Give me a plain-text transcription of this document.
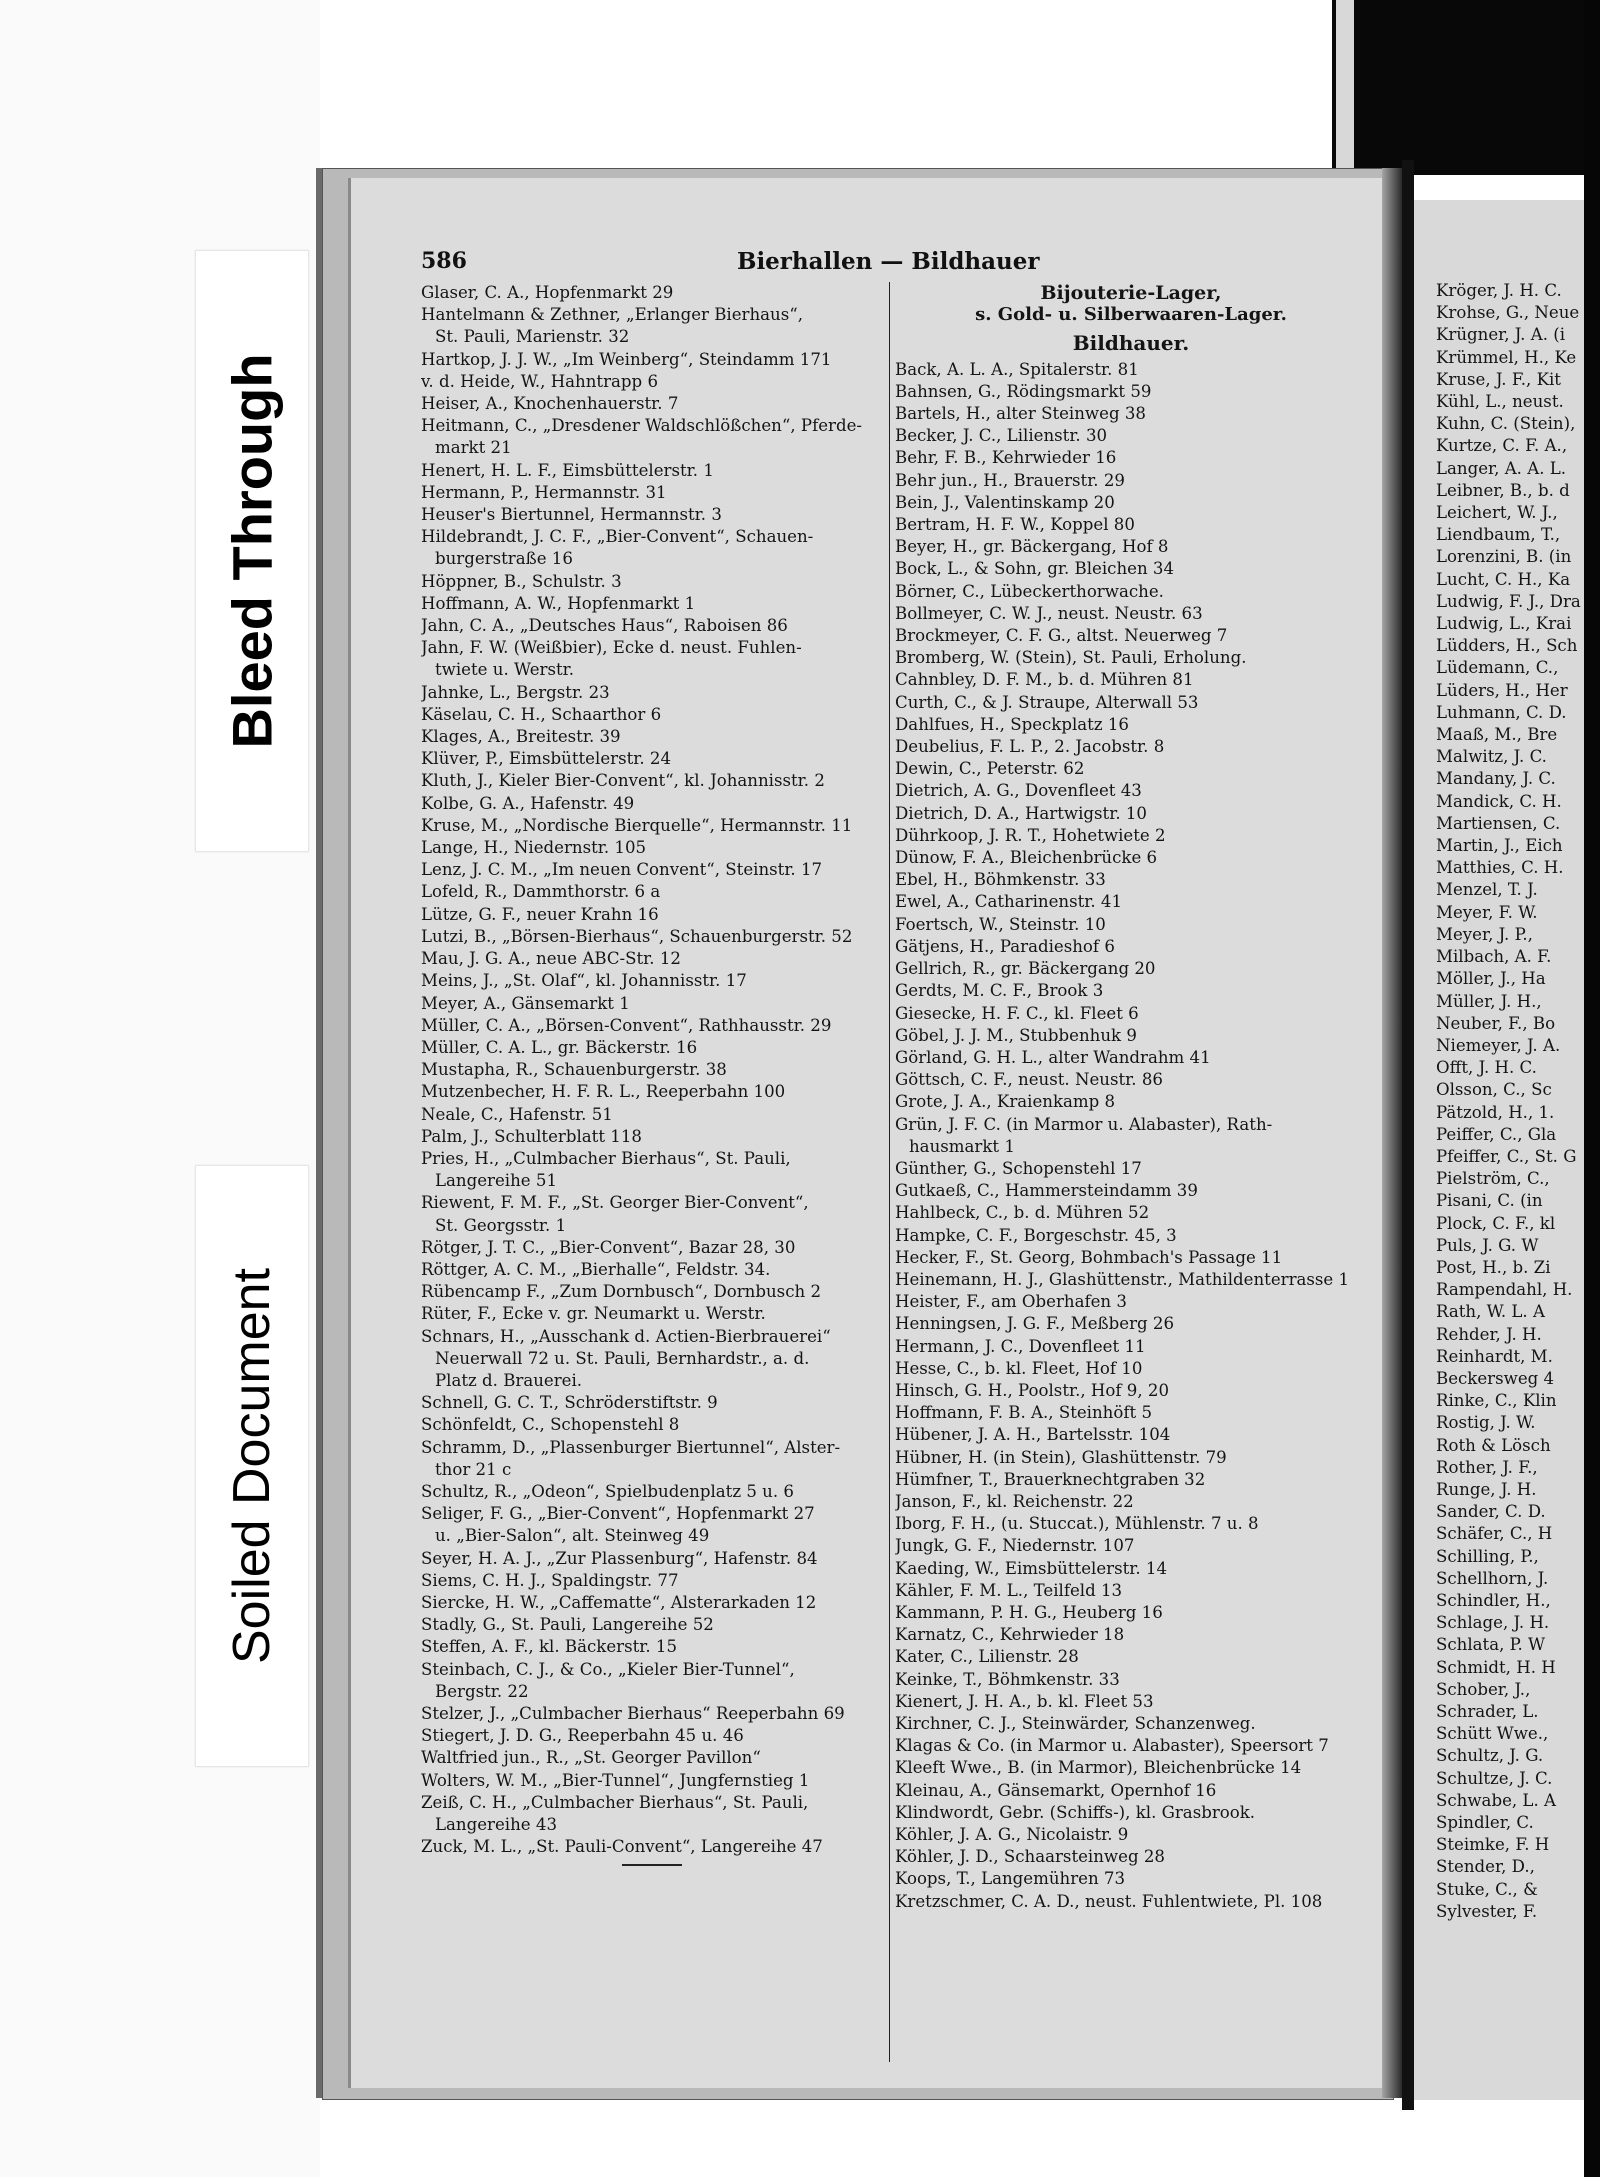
Bleed Through
Soiled Document
586	Bierhallen — Bildhauer
Glaser, C. A., Hopfenmarkt 29
Hantelmann & Zethner, „Erlanger Bierhaus“,
St. Pauli, Marienstr. 32
Hartkop, J. J. W., „Im Weinberg“, Steindamm 171
v. d. Heide, W., Hahntrapp 6
Heiser, A., Knochenhauerstr. 7
Heitmann, C., „Dresdener Waldschlößchen“, Pferde-
markt 21
Henert, H. L. F., Eimsbüttelerstr. 1
Hermann, P., Hermannstr. 31
Heuser's Biertunnel, Hermannstr. 3
Hildebrandt, J. C. F., „Bier-Convent“, Schauen-
burgerstraße 16
Höppner, B., Schulstr. 3
Hoffmann, A. W., Hopfenmarkt 1
Jahn, C. A., „Deutsches Haus“, Raboisen 86
Jahn, F. W. (Weißbier), Ecke d. neust. Fuhlen-
twiete u. Werstr.
Jahnke, L., Bergstr. 23
Käselau, C. H., Schaarthor 6
Klages, A., Breitestr. 39
Klüver, P., Eimsbüttelerstr. 24
Kluth, J., Kieler Bier-Convent“, kl. Johannisstr. 2
Kolbe, G. A., Hafenstr. 49
Kruse, M., „Nordische Bierquelle“, Hermannstr. 11
Lange, H., Niedernstr. 105
Lenz, J. C. M., „Im neuen Convent“, Steinstr. 17
Lofeld, R., Dammthorstr. 6 a
Lütze, G. F., neuer Krahn 16
Lutzi, B., „Börsen-Bierhaus“, Schauenburgerstr. 52
Mau, J. G. A., neue ABC-Str. 12
Meins, J., „St. Olaf“, kl. Johannisstr. 17
Meyer, A., Gänsemarkt 1
Müller, C. A., „Börsen-Convent“, Rathhausstr. 29
Müller, C. A. L., gr. Bäckerstr. 16
Mustapha, R., Schauenburgerstr. 38
Mutzenbecher, H. F. R. L., Reeperbahn 100
Neale, C., Hafenstr. 51
Palm, J., Schulterblatt 118
Pries, H., „Culmbacher Bierhaus“, St. Pauli,
Langereihe 51
Riewent, F. M. F., „St. Georger Bier-Convent“,
St. Georgsstr. 1
Rötger, J. T. C., „Bier-Convent“, Bazar 28, 30
Röttger, A. C. M., „Bierhalle“, Feldstr. 34.
Rübencamp F., „Zum Dornbusch“, Dornbusch 2
Rüter, F., Ecke v. gr. Neumarkt u. Werstr.
Schnars, H., „Ausschank d. Actien-Bierbrauerei“
Neuerwall 72 u. St. Pauli, Bernhardstr., a. d.
Platz d. Brauerei.
Schnell, G. C. T., Schröderstiftstr. 9
Schönfeldt, C., Schopenstehl 8
Schramm, D., „Plassenburger Biertunnel“, Alster-
thor 21 c
Schultz, R., „Odeon“, Spielbudenplatz 5 u. 6
Seliger, F. G., „Bier-Convent“, Hopfenmarkt 27
u. „Bier-Salon“, alt. Steinweg 49
Seyer, H. A. J., „Zur Plassenburg“, Hafenstr. 84
Siems, C. H. J., Spaldingstr. 77
Siercke, H. W., „Caffematte“, Alsterarkaden 12
Stadly, G., St. Pauli, Langereihe 52
Steffen, A. F., kl. Bäckerstr. 15
Steinbach, C. J., & Co., „Kieler Bier-Tunnel“,
Bergstr. 22
Stelzer, J., „Culmbacher Bierhaus“ Reeperbahn 69
Stiegert, J. D. G., Reeperbahn 45 u. 46
Waltfried jun., R., „St. Georger Pavillon“
Wolters, W. M., „Bier-Tunnel“, Jungfernstieg 1
Zeiß, C. H., „Culmbacher Bierhaus“, St. Pauli,
Langereihe 43
Zuck, M. L., „St. Pauli-Convent“, Langereihe 47
Bijouterie-Lager,
s. Gold- u. Silberwaaren-Lager.
Bildhauer.
Back, A. L. A., Spitalerstr. 81
Bahnsen, G., Rödingsmarkt 59
Bartels, H., alter Steinweg 38
Becker, J. C., Lilienstr. 30
Behr, F. B., Kehrwieder 16
Behr jun., H., Brauerstr. 29
Bein, J., Valentinskamp 20
Bertram, H. F. W., Koppel 80
Beyer, H., gr. Bäckergang, Hof 8
Bock, L., & Sohn, gr. Bleichen 34
Börner, C., Lübeckerthorwache.
Bollmeyer, C. W. J., neust. Neustr. 63
Brockmeyer, C. F. G., altst. Neuerweg 7
Bromberg, W. (Stein), St. Pauli, Erholung.
Cahnbley, D. F. M., b. d. Mühren 81
Curth, C., & J. Straupe, Alterwall 53
Dahlfues, H., Speckplatz 16
Deubelius, F. L. P., 2. Jacobstr. 8
Dewin, C., Peterstr. 62
Dietrich, A. G., Dovenfleet 43
Dietrich, D. A., Hartwigstr. 10
Dührkoop, J. R. T., Hohetwiete 2
Dünow, F. A., Bleichenbrücke 6
Ebel, H., Böhmkenstr. 33
Ewel, A., Catharinenstr. 41
Foertsch, W., Steinstr. 10
Gätjens, H., Paradieshof 6
Gellrich, R., gr. Bäckergang 20
Gerdts, M. C. F., Brook 3
Giesecke, H. F. C., kl. Fleet 6
Göbel, J. J. M., Stubbenhuk 9
Görland, G. H. L., alter Wandrahm 41
Göttsch, C. F., neust. Neustr. 86
Grote, J. A., Kraienkamp 8
Grün, J. F. C. (in Marmor u. Alabaster), Rath-
hausmarkt 1
Günther, G., Schopenstehl 17
Gutkaeß, C., Hammersteindamm 39
Hahlbeck, C., b. d. Mühren 52
Hampke, C. F., Borgeschstr. 45, 3
Hecker, F., St. Georg, Bohmbach's Passage 11
Heinemann, H. J., Glashüttenstr., Mathildenterrasse 1
Heister, F., am Oberhafen 3
Henningsen, J. G. F., Meßberg 26
Hermann, J. C., Dovenfleet 11
Hesse, C., b. kl. Fleet, Hof 10
Hinsch, G. H., Poolstr., Hof 9, 20
Hoffmann, F. B. A., Steinhöft 5
Hübener, J. A. H., Bartelsstr. 104
Hübner, H. (in Stein), Glashüttenstr. 79
Hümfner, T., Brauerknechtgraben 32
Janson, F., kl. Reichenstr. 22
Iborg, F. H., (u. Stuccat.), Mühlenstr. 7 u. 8
Jungk, G. F., Niedernstr. 107
Kaeding, W., Eimsbüttelerstr. 14
Kähler, F. M. L., Teilfeld 13
Kammann, P. H. G., Heuberg 16
Karnatz, C., Kehrwieder 18
Kater, C., Lilienstr. 28
Keinke, T., Böhmkenstr. 33
Kienert, J. H. A., b. kl. Fleet 53
Kirchner, C. J., Steinwärder, Schanzenweg.
Klagas & Co. (in Marmor u. Alabaster), Speersort 7
Kleeft Wwe., B. (in Marmor), Bleichenbrücke 14
Kleinau, A., Gänsemarkt, Opernhof 16
Klindwordt, Gebr. (Schiffs-), kl. Grasbrook.
Köhler, J. A. G., Nicolaistr. 9
Köhler, J. D., Schaarsteinweg 28
Koops, T., Langemühren 73
Kretzschmer, C. A. D., neust. Fuhlentwiete, Pl. 108
Kröger, J. H. C.
Krohse, G., Neue
Krügner, J. A. (i
Krümmel, H., Ke
Kruse, J. F., Kit
Kühl, L., neust.
Kuhn, C. (Stein),
Kurtze, C. F. A.,
Langer, A. A. L.
Leibner, B., b. d
Leichert, W. J.,
Liendbaum, T.,
Lorenzini, B. (in
Lucht, C. H., Ka
Ludwig, F. J., Dra
Ludwig, L., Krai
Lüdders, H., Sch
Lüdemann, C.,
Lüders, H., Her
Luhmann, C. D.
Maaß, M., Bre
Malwitz, J. C.
Mandany, J. C.
Mandick, C. H.
Martiensen, C.
Martin, J., Eich
Matthies, C. H.
Menzel, T. J.
Meyer, F. W.
Meyer, J. P.,
Milbach, A. F.
Möller, J., Ha
Müller, J. H.,
Neuber, F., Bo
Niemeyer, J. A.
Offt, J. H. C.
Olsson, C., Sc
Pätzold, H., 1.
Peiffer, C., Gla
Pfeiffer, C., St. G
Pielström, C.,
Pisani, C. (in
Plock, C. F., kl
Puls, J. G. W
Post, H., b. Zi
Rampendahl, H.
Rath, W. L. A
Rehder, J. H.
Reinhardt, M.
Beckersweg 4
Rinke, C., Klin
Rostig, J. W.
Roth & Lösch
Rother, J. F.,
Runge, J. H.
Sander, C. D.
Schäfer, C., H
Schilling, P.,
Schellhorn, J.
Schindler, H.,
Schlage, J. H.
Schlata, P. W
Schmidt, H. H
Schober, J.,
Schrader, L.
Schütt Wwe.,
Schultz, J. G.
Schultze, J. C.
Schwabe, L. A
Spindler, C.
Steimke, F. H
Stender, D.,
Stuke, C., &
Sylvester, F.
